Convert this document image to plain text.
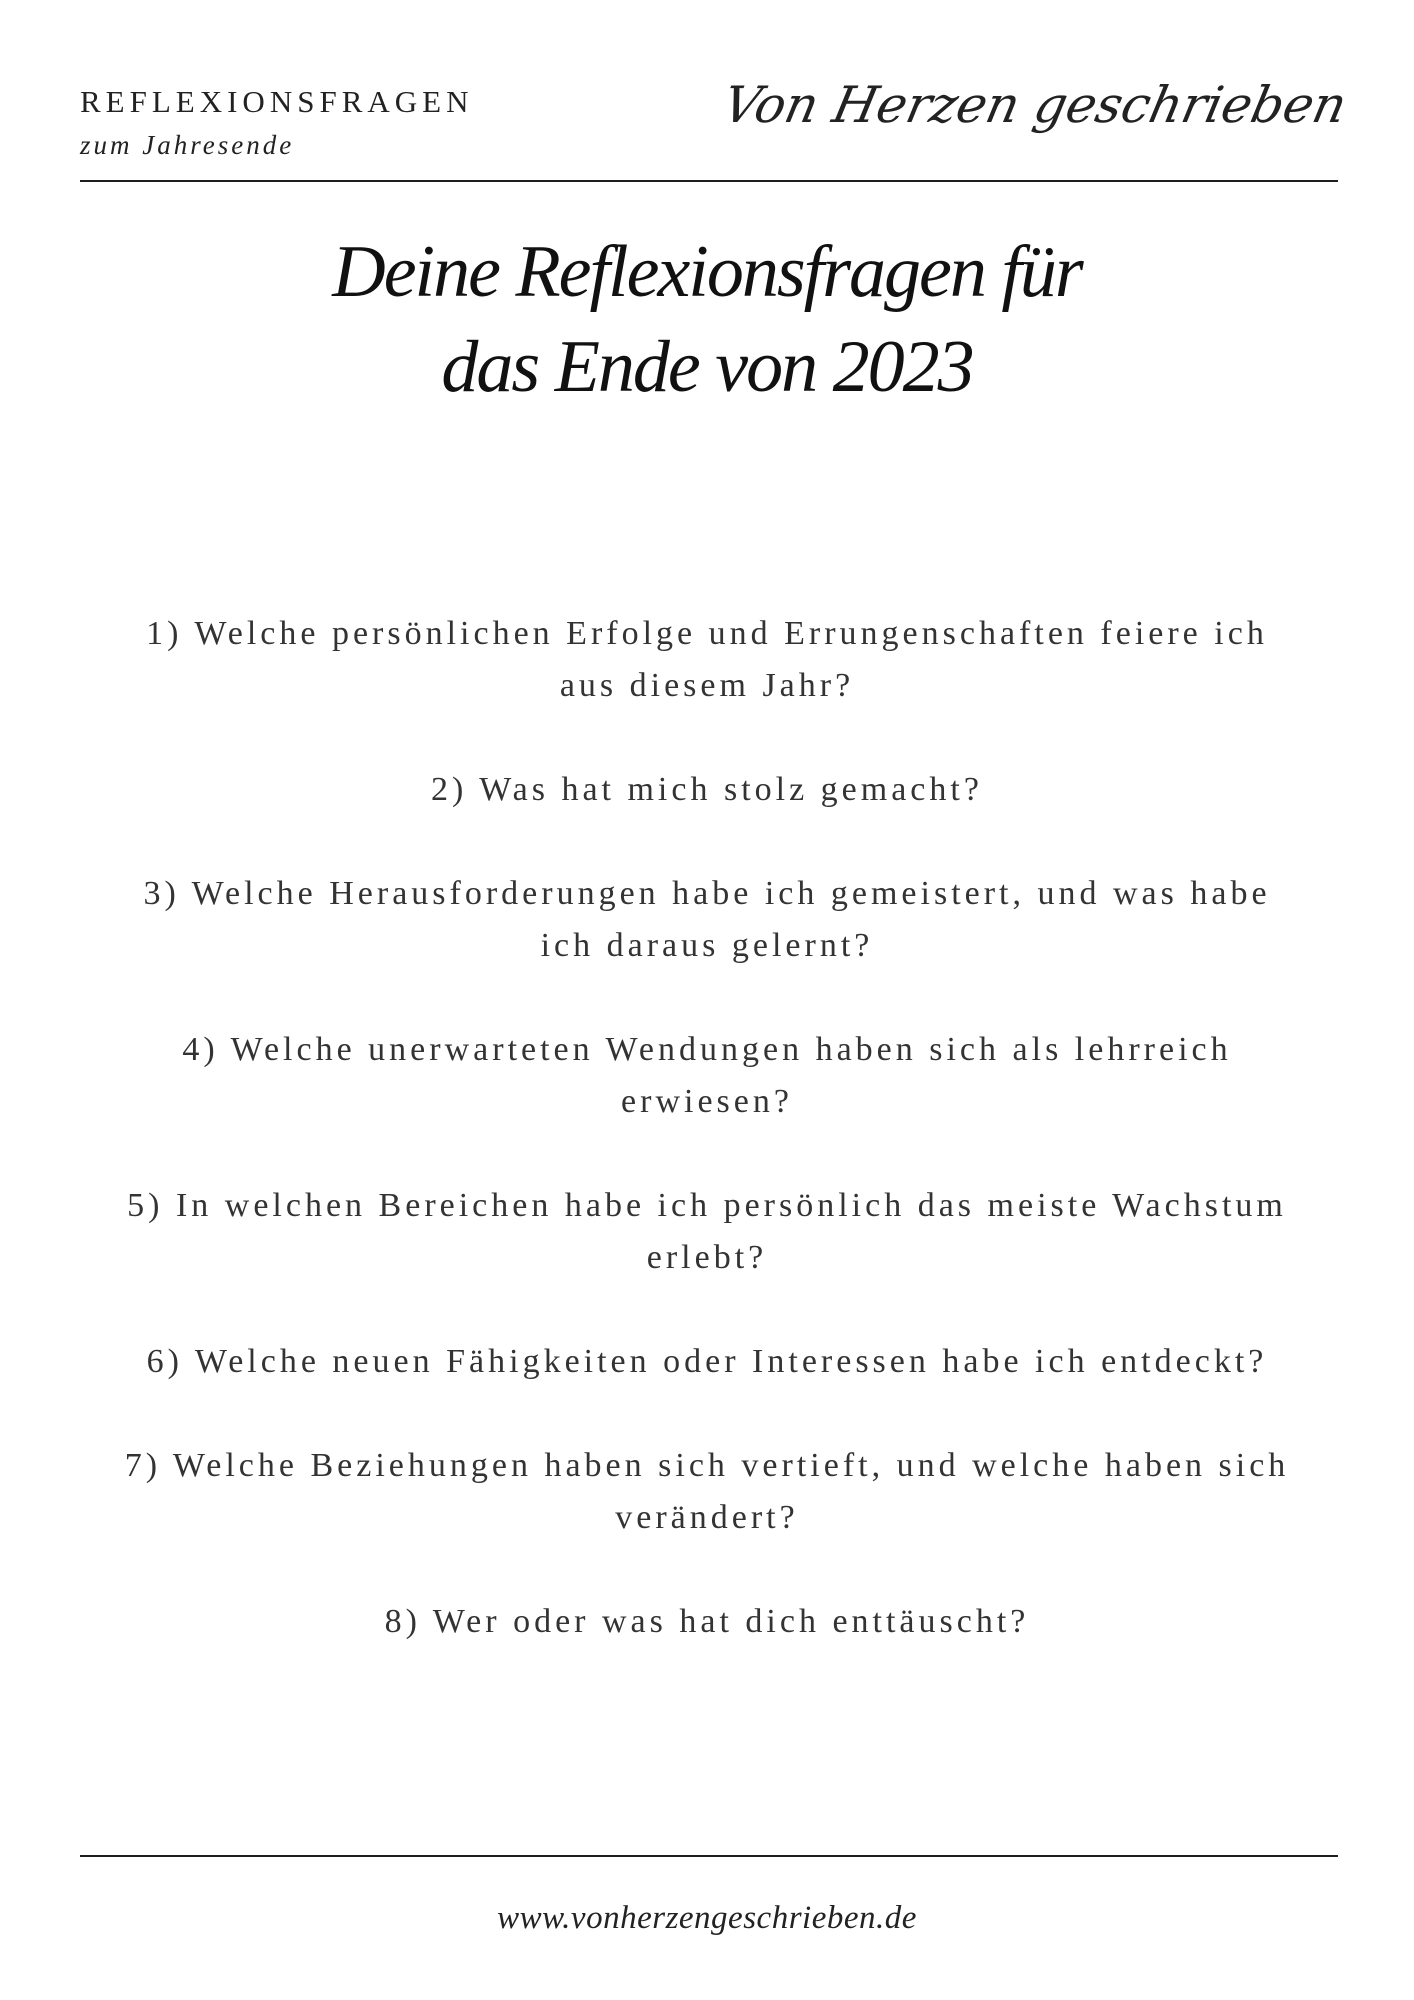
REFLEXIONSFRAGEN
zum Jahresende
Von Herzen geschrieben
Deine Reflexionsfragen für
das Ende von 2023
1) Welche persönlichen Erfolge und Errungenschaften feiere ich aus diesem Jahr?
2) Was hat mich stolz gemacht?
3) Welche Herausforderungen habe ich gemeistert, und was habe ich daraus gelernt?
4) Welche unerwarteten Wendungen haben sich als lehrreich erwiesen?
5) In welchen Bereichen habe ich persönlich das meiste Wachstum erlebt?
6) Welche neuen Fähigkeiten oder Interessen habe ich entdeckt?
7) Welche Beziehungen haben sich vertieft, und welche haben sich verändert?
8) Wer oder was hat dich enttäuscht?
www.vonherzengeschrieben.de
